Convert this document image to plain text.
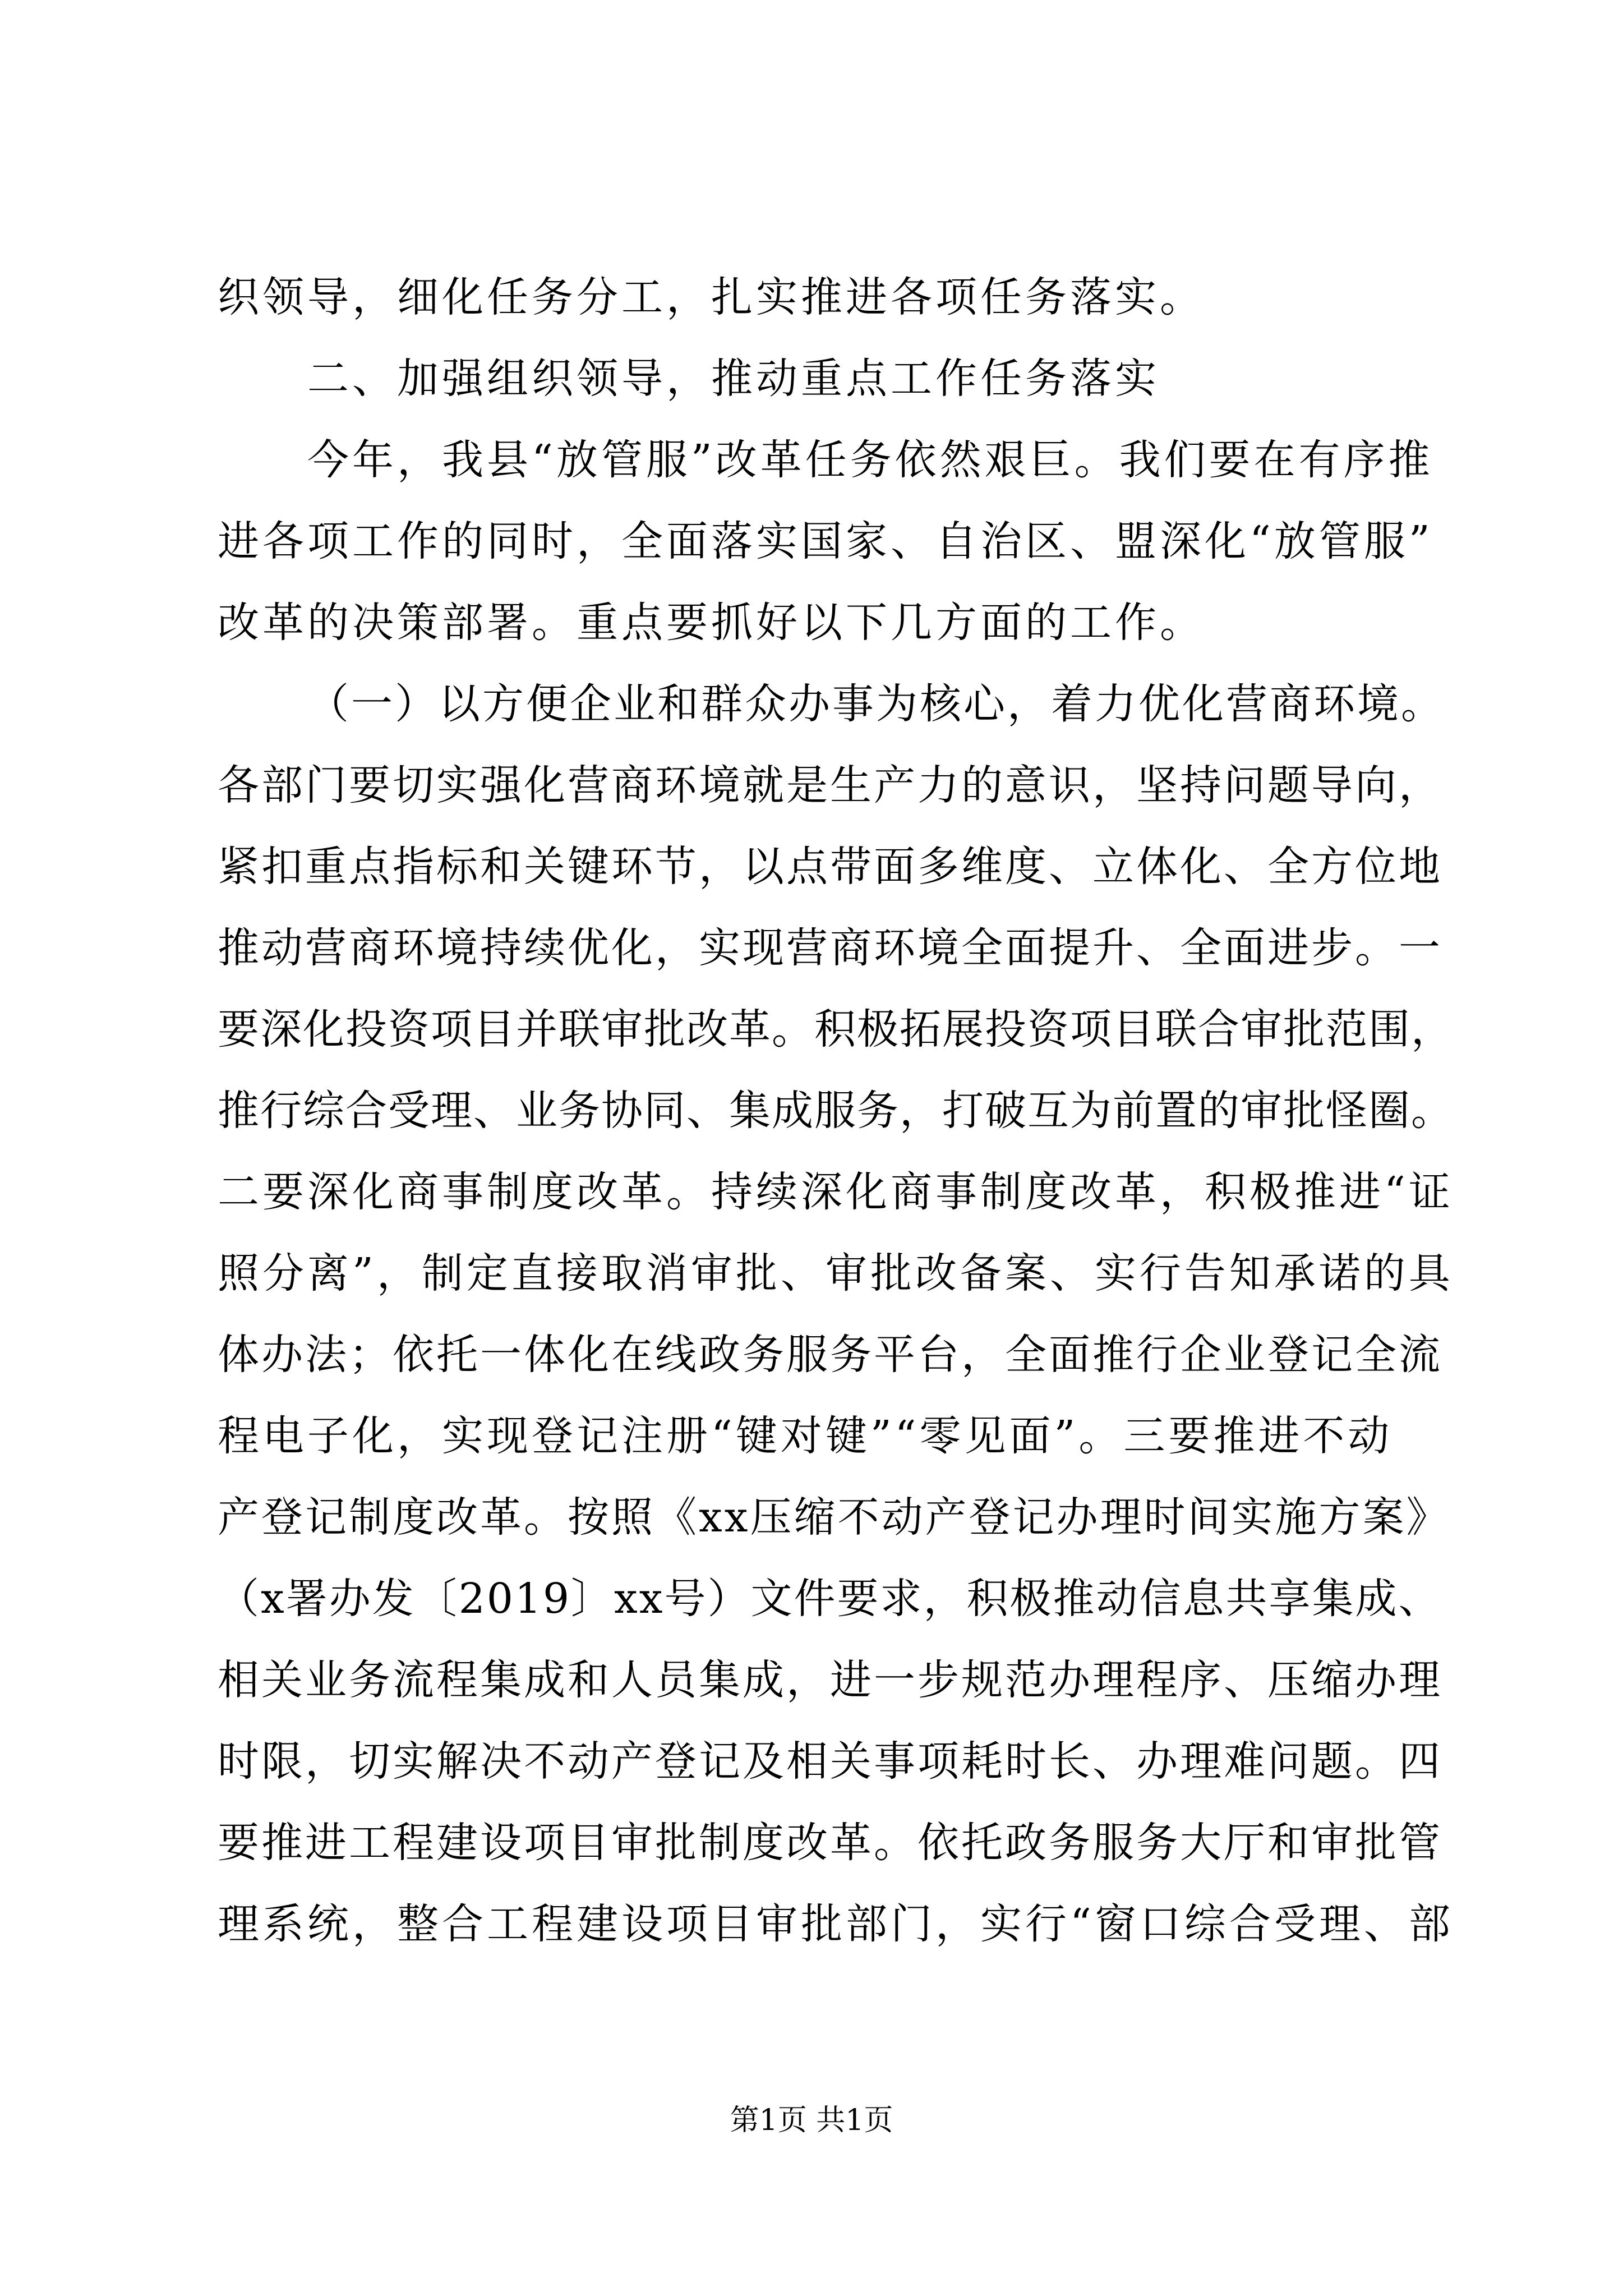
织领导，细化任务分工，扎实推进各项任务落实。
二、加强组织领导，推动重点工作任务落实
今年，我县“放管服”改革任务依然艰巨。我们要在有序推
进各项工作的同时，全面落实国家、自治区、盟深化“放管服”
改革的决策部署。重点要抓好以下几方面的工作。
（一）以方便企业和群众办事为核心，着力优化营商环境。
各部门要切实强化营商环境就是生产力的意识，坚持问题导向，
紧扣重点指标和关键环节，以点带面多维度、立体化、全方位地
推动营商环境持续优化，实现营商环境全面提升、全面进步。一
要深化投资项目并联审批改革。积极拓展投资项目联合审批范围，
推行综合受理、业务协同、集成服务，打破互为前置的审批怪圈。
二要深化商事制度改革。持续深化商事制度改革，积极推进“证
照分离”，制定直接取消审批、审批改备案、实行告知承诺的具
体办法；依托一体化在线政务服务平台，全面推行企业登记全流
程电子化，实现登记注册“键对键”“零见面”。三要推进不动
产登记制度改革。按照《xx压缩不动产登记办理时间实施方案》
（x署办发〔2019〕xx号）文件要求，积极推动信息共享集成、
相关业务流程集成和人员集成，进一步规范办理程序、压缩办理
时限，切实解决不动产登记及相关事项耗时长、办理难问题。四
要推进工程建设项目审批制度改革。依托政务服务大厅和审批管
理系统，整合工程建设项目审批部门，实行“窗口综合受理、部
第1页 共1页
